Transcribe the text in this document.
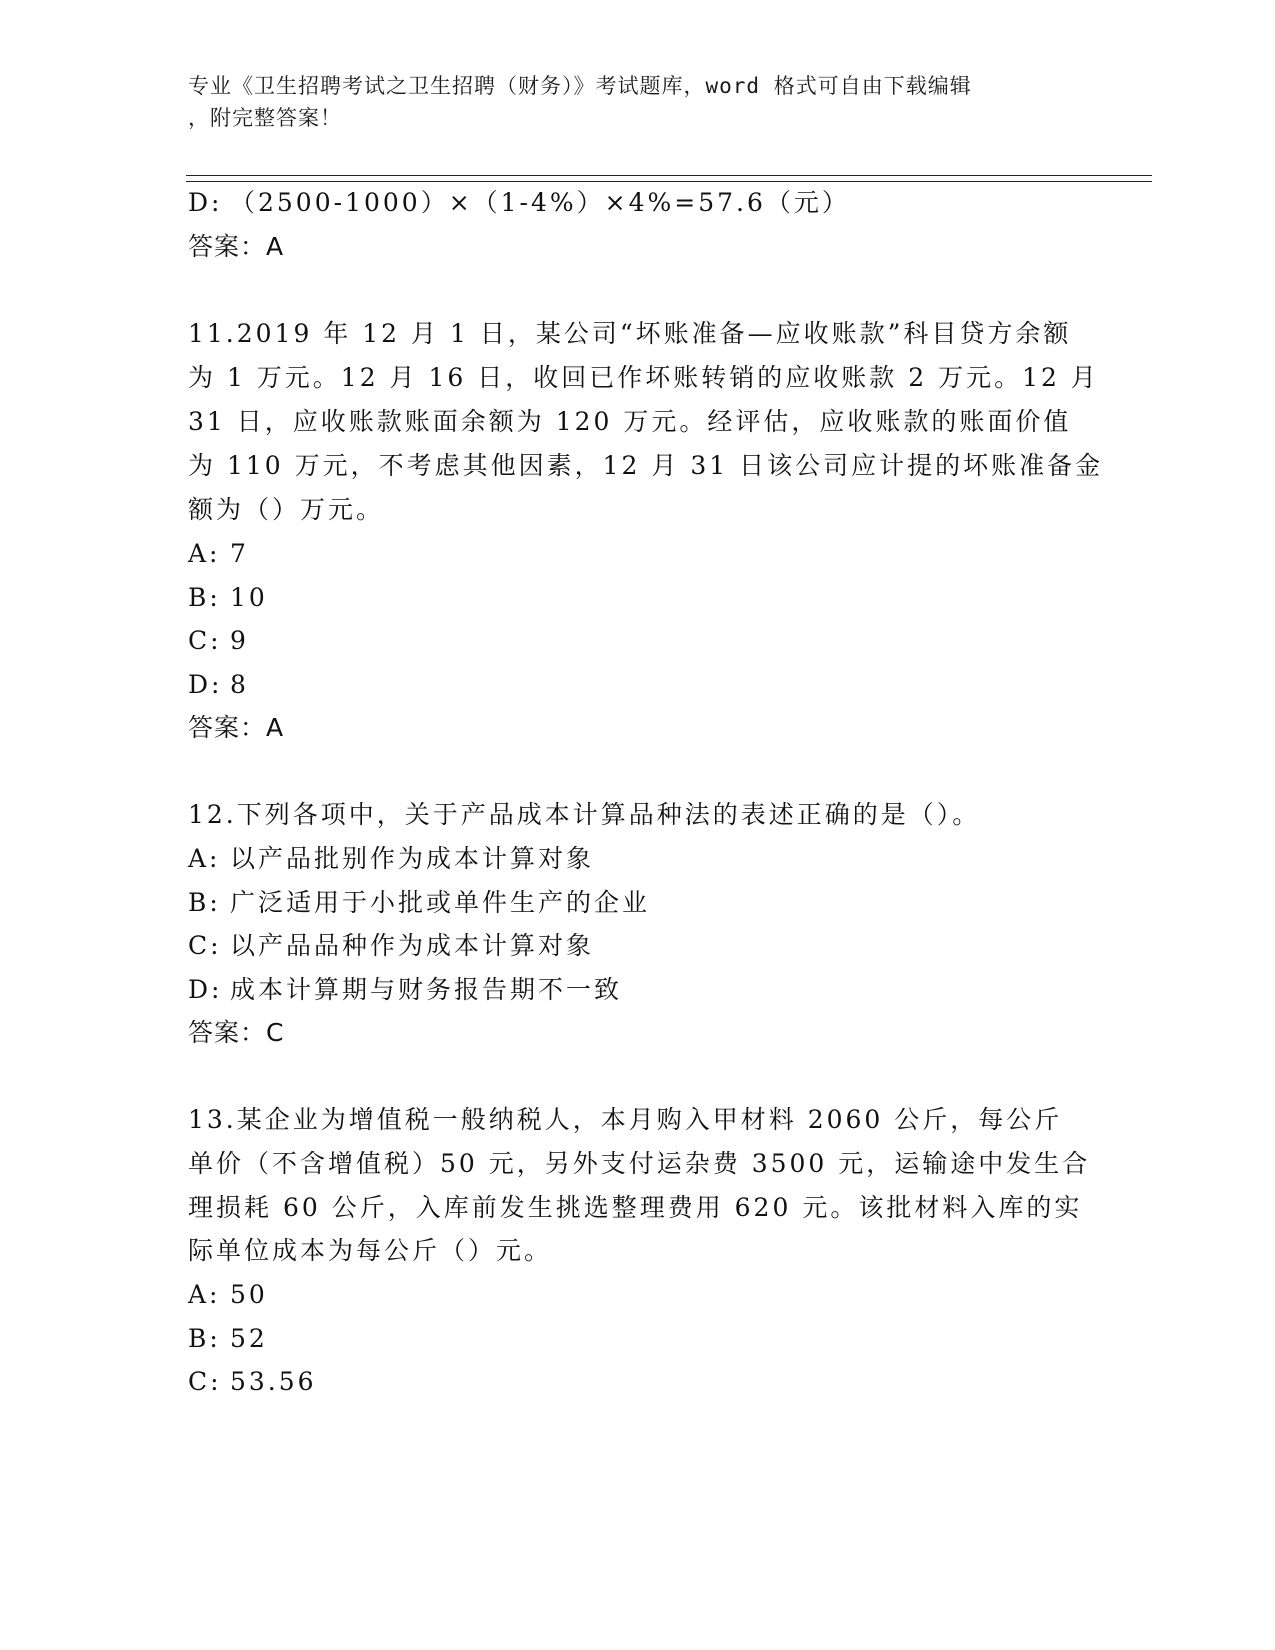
专业《卫生招聘考试之卫生招聘（财务）》考试题库，word 格式可自由下载编辑
，附完整答案！
D: （2500-1000）×（1-4%）×4%=57.6（元）
答案：A
11.2019 年 12 月 1 日，某公司“坏账准备—应收账款”科目贷方余额
为 1 万元。12 月 16 日，收回已作坏账转销的应收账款 2 万元。12 月
31 日，应收账款账面余额为 120 万元。经评估，应收账款的账面价值
为 110 万元，不考虑其他因素，12 月 31 日该公司应计提的坏账准备金
额为（）万元。
A: 7
B: 10
C: 9
D: 8
答案：A
12.下列各项中，关于产品成本计算品种法的表述正确的是（）。
A: 以产品批别作为成本计算对象
B: 广泛适用于小批或单件生产的企业
C: 以产品品种作为成本计算对象
D: 成本计算期与财务报告期不一致
答案：C
13.某企业为增值税一般纳税人，本月购入甲材料 2060 公斤，每公斤
单价（不含增值税）50 元，另外支付运杂费 3500 元，运输途中发生合
理损耗 60 公斤，入库前发生挑选整理费用 620 元。该批材料入库的实
际单位成本为每公斤（）元。
A: 50
B: 52
C: 53.56
